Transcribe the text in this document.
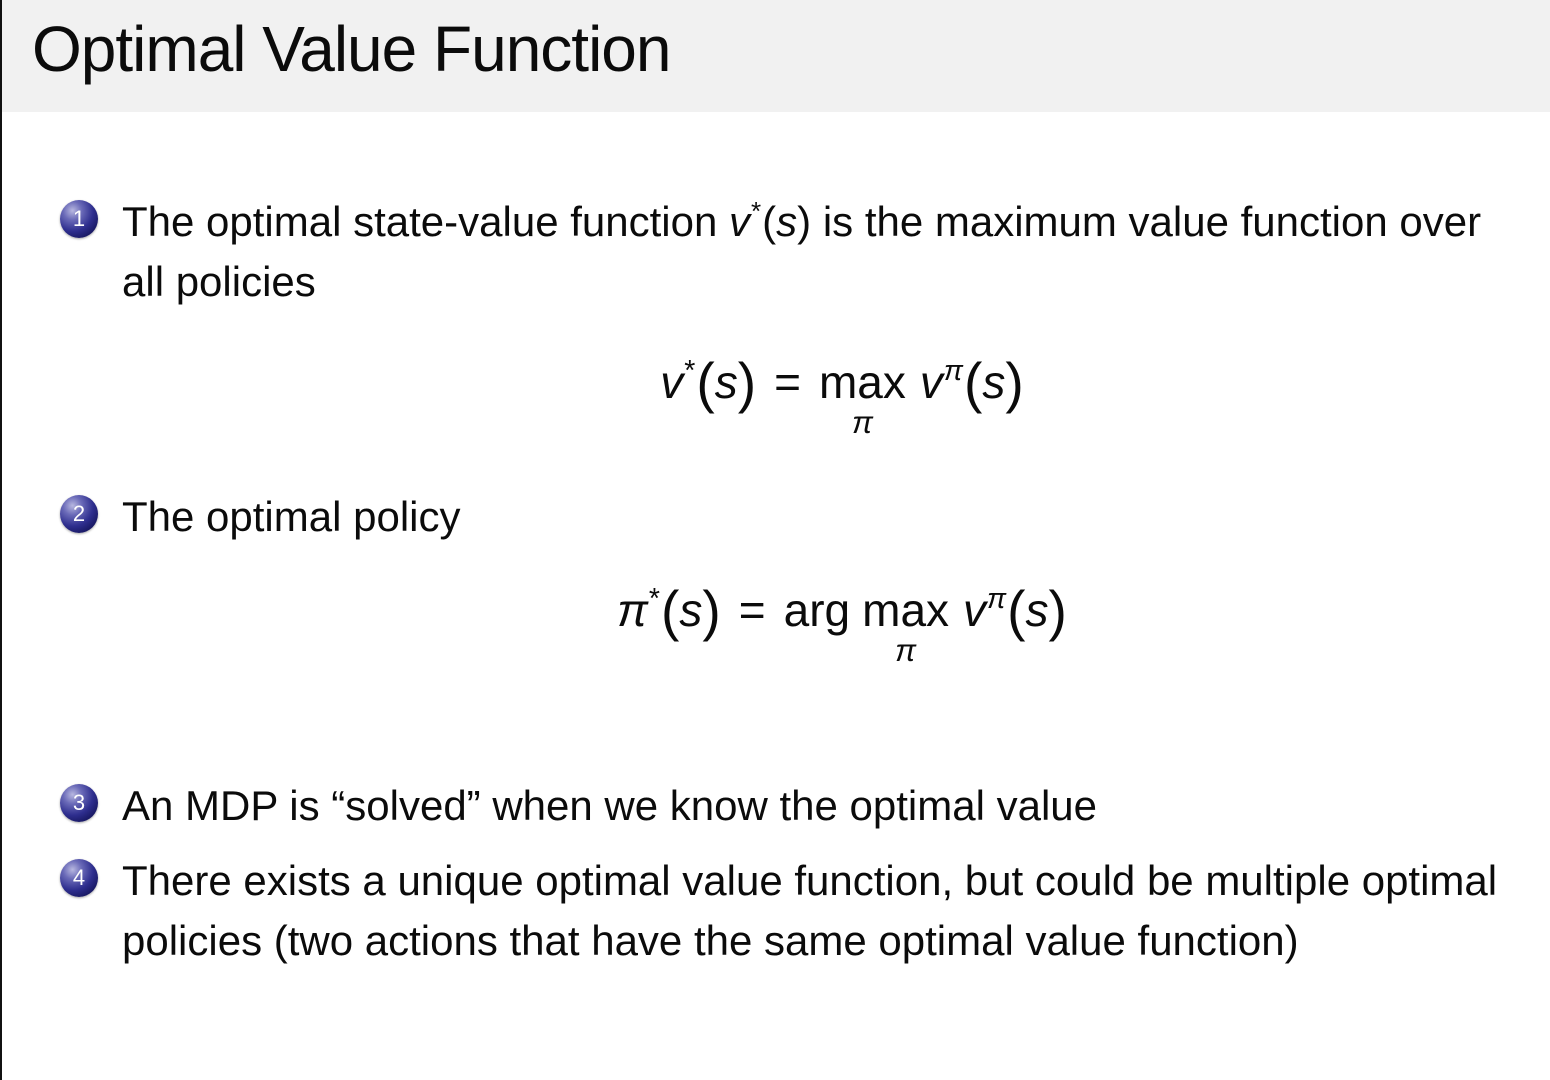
Optimal Value Function
1 The optimal state-value function v*(s) is the maximum value function over all policies
v*(s) = max
π
$v^\pi(s)$
2 The optimal policy
π*(s) = arg max
π
$v^\pi(s)$
3 An MDP is “solved” when we know the optimal value
4 There exists a unique optimal value function, but could be multiple optimal policies (two actions that have the same optimal value function)
